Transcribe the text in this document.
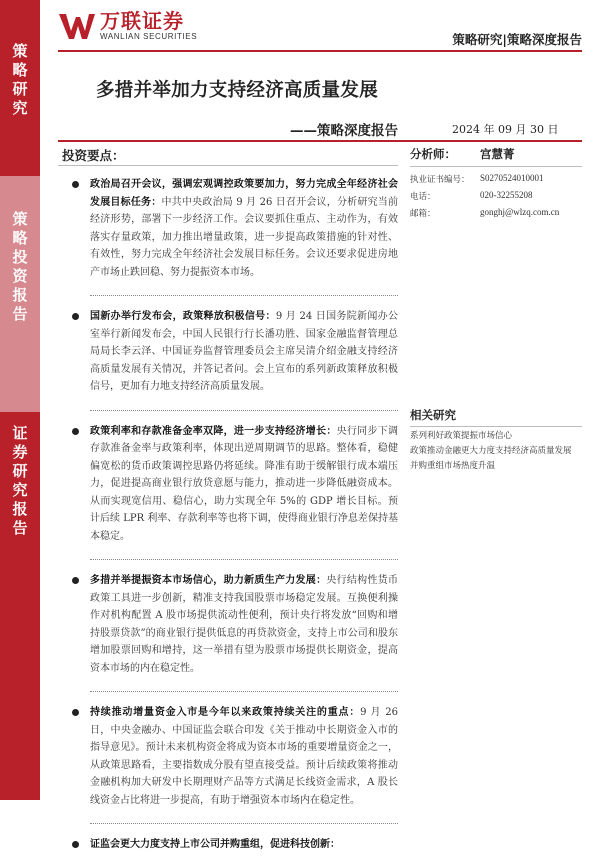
策
略
研
究
策
略
投
资
报
告
证
券
研
究
报
告
万联证券
WANLIAN SECURITIES	策略研究|策略深度报告
多措并举加力支持经济高质量发展
——策略深度报告	2024 年 09 月 30 日
投资要点：
政治局召开会议，强调宏观调控政策要加力，努力完成全年经济社会发展目标任务：中共中央政治局 9 月 26 日召开会议，分析研究当前经济形势，部署下一步经济工作。会议要抓住重点、主动作为，有效落实存量政策，加力推出增量政策，进一步提高政策措施的针对性、有效性，努力完成全年经济社会发展目标任务。会议还要求促进房地产市场止跌回稳、努力提振资本市场。
国新办举行发布会，政策释放积极信号：9 月 24 日国务院新闻办公室举行新闻发布会，中国人民银行行长潘功胜、国家金融监督管理总局局长李云泽、中国证券监督管理委员会主席吴清介绍金融支持经济高质量发展有关情况，并答记者问。会上宣布的系列新政策释放积极信号，更加有力地支持经济高质量发展。
政策利率和存款准备金率双降，进一步支持经济增长：央行同步下调存款准备金率与政策利率，体现出逆周期调节的思路。整体看，稳健偏宽松的货币政策调控思路仍将延续。降准有助于缓解银行成本端压力，促进提高商业银行放贷意愿与能力，推动进一步降低融资成本。从而实现宽信用、稳信心，助力实现全年 5%的 GDP 增长目标。预计后续 LPR 利率、存款利率等也将下调，使得商业银行净息差保持基本稳定。
多措并举提振资本市场信心，助力新质生产力发展：央行结构性货币政策工具进一步创新，精准支持我国股票市场稳定发展。互换便利操作对机构配置 A 股市场提供流动性便利，预计央行将发放“回购和增持股票贷款”的商业银行提供低息的再贷款资金，支持上市公司和股东增加股票回购和增持，这一举措有望为股票市场提供长期资金，提高资本市场的内在稳定性。
持续推动增量资金入市是今年以来政策持续关注的重点：9 月 26 日，中央金融办、中国证监会联合印发《关于推动中长期资金入市的指导意见》。预计未来机构资金将成为资本市场的重要增量资金之一，从政策思路看，主要指数成分股有望直接受益。预计后续政策将推动金融机构加大研发中长期理财产品等方式满足长线资金需求，A 股长线资金占比将进一步提高，有助于增强资本市场内在稳定性。
证监会更大力度支持上市公司并购重组，促进科技创新：
分析师：	宫慧菁
执业证书编号： S0270524010001
电话：	020-32255208
邮箱：	gonghj@wlzq.com.cn
相关研究
系列利好政策提振市场信心
政策推动金融更大力度支持经济高质量发展
并购重组市场热度升温
